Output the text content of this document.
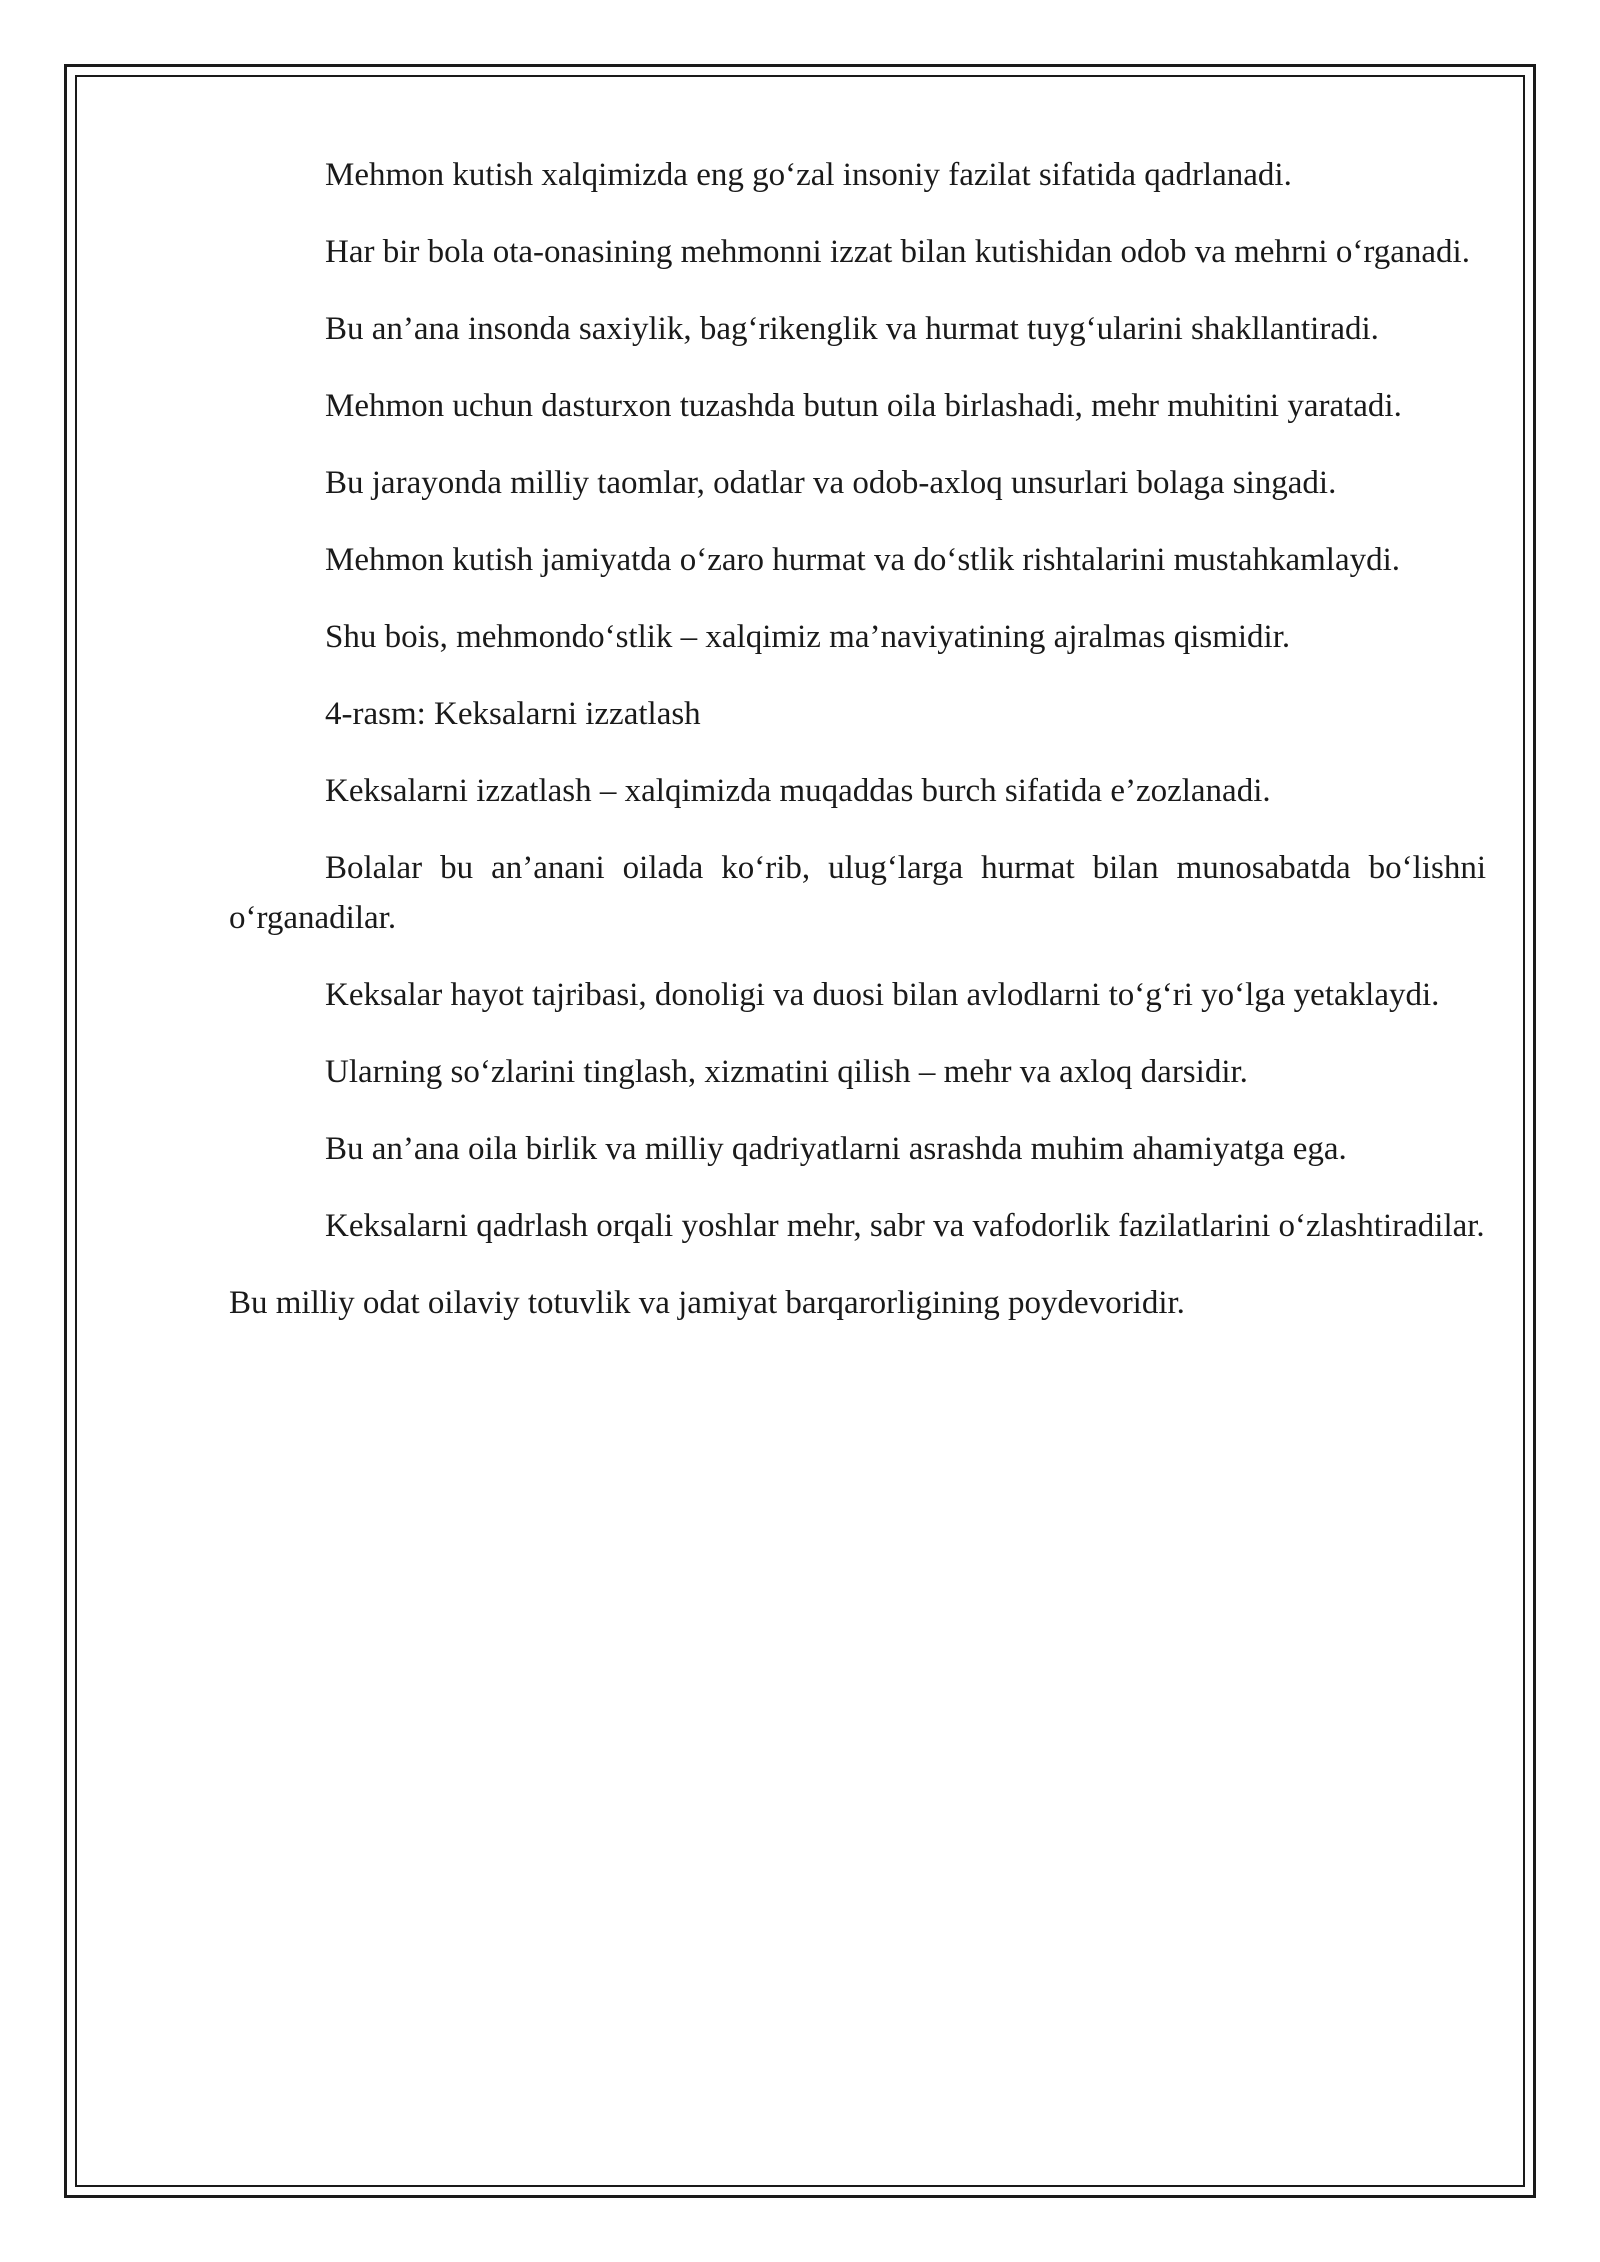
Mehmon kutish xalqimizda eng go‘zal insoniy fazilat sifatida qadrlanadi.

Har bir bola ota-onasining mehmonni izzat bilan kutishidan odob va mehrni o‘rganadi.

Bu an’ana insonda saxiylik, bag‘rikenglik va hurmat tuyg‘ularini shakllantiradi.

Mehmon uchun dasturxon tuzashda butun oila birlashadi, mehr muhitini yaratadi.

Bu jarayonda milliy taomlar, odatlar va odob-axloq unsurlari bolaga singadi.

Mehmon kutish jamiyatda o‘zaro hurmat va do‘stlik rishtalarini mustahkamlaydi.

Shu bois, mehmondo‘stlik – xalqimiz ma’naviyatining ajralmas qismidir.

4-rasm: Keksalarni izzatlash

Keksalarni izzatlash – xalqimizda muqaddas burch sifatida e’zozlanadi.

Bolalar bu an’anani oilada ko‘rib, ulug‘larga hurmat bilan munosabatda bo‘lishni o‘rganadilar.

Keksalar hayot tajribasi, donoligi va duosi bilan avlodlarni to‘g‘ri yo‘lga yetaklaydi.

Ularning so‘zlarini tinglash, xizmatini qilish – mehr va axloq darsidir.

Bu an’ana oila birlik va milliy qadriyatlarni asrashda muhim ahamiyatga ega.

Keksalarni qadrlash orqali yoshlar mehr, sabr va vafodorlik fazilatlarini o‘zlashtiradilar.

Bu milliy odat oilaviy totuvlik va jamiyat barqarorligining poydevoridir.
